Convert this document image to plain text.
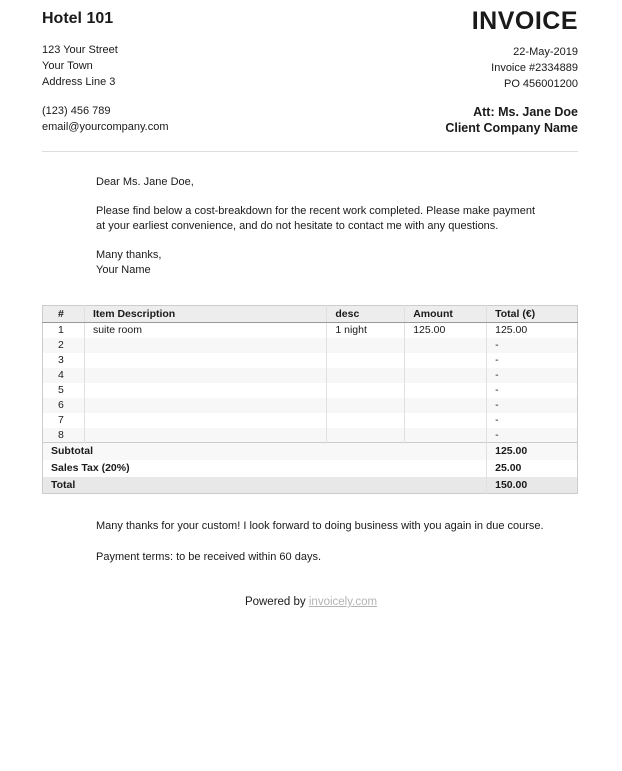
Hotel 101
123 Your Street
Your Town
Address Line 3
(123) 456 789
email@yourcompany.com
INVOICE
22-May-2019
Invoice #2334889
PO 456001200
Att: Ms. Jane Doe
Client Company Name
Dear Ms. Jane Doe,
Please find below a cost-breakdown for the recent work completed. Please make payment
at your earliest convenience, and do not hesitate to contact me with any questions.
Many thanks,
Your Name
#	Item Description	desc	Amount	Total (€)
1	suite room	1 night	125.00	125.00
2				-
3				-
4				-
5				-
6				-
7				-
8				-
Subtotal				125.00
Sales Tax (20%)				25.00
Total				150.00
Many thanks for your custom! I look forward to doing business with you again in due course.
Payment terms: to be received within 60 days.
Powered by invoicely.com
